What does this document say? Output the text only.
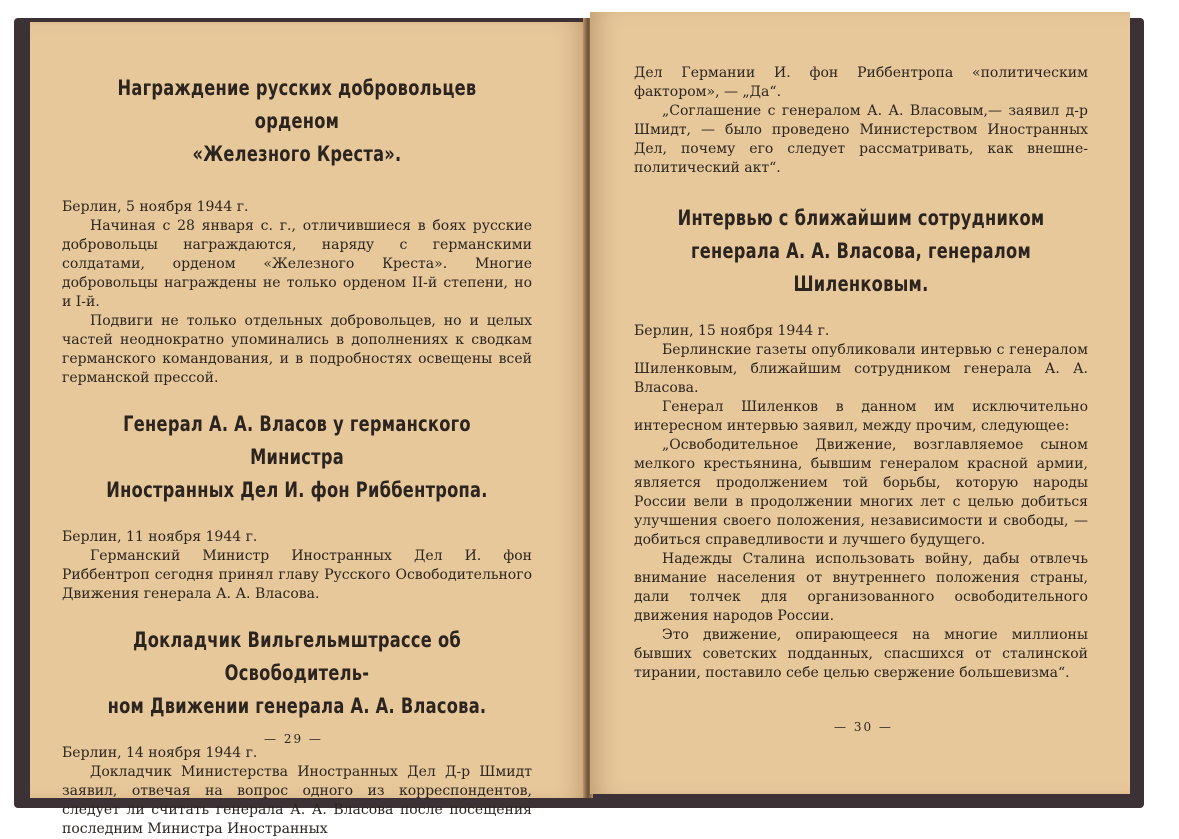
Награждение русских добровольцев орденом
«Железного Креста».

Берлин, 5 ноября 1944 г.

Начиная с 28 января с. г., отличившиеся в боях русские добровольцы награждаются, наряду с германскими солдатами, орденом «Железного Креста». Многие добровольцы награждены не только орденом II-й степени, но и I-й.

Подвиги не только отдельных добровольцев, но и целых частей неоднократно упоминались в дополнениях к сводкам германского командования, и в подробностях освещены всей германской прессой.

Генерал А. А. Власов у германского Министра
Иностранных Дел И. фон Риббентропа.

Берлин, 11 ноября 1944 г.

Германский Министр Иностранных Дел И. фон Риббентроп сегодня принял главу Русского Освободительного Движения генерала А. А. Власова.

Докладчик Вильгельмштрассе об Освободитель-
ном Движении генерала А. А. Власова.

Берлин, 14 ноября 1944 г.

Докладчик Министерства Иностранных Дел Д-р Шмидт заявил, отвечая на вопрос одного из корреспондентов, следует ли считать генерала А. А. Власова после посещения последним Министра Иностранных

— 29 —

Дел Германии И. фон Риббентропа «политическим фактором», — „Да“.

„Соглашение с генералом А. А. Власовым,— заявил д-р Шмидт, — было проведено Министерством Иностранных Дел, почему его следует рассматривать, как внешне-политический акт“.

Интервью с ближайшим сотрудником
генерала А. А. Власова, генералом Шиленковым.

Берлин, 15 ноября 1944 г.

Берлинские газеты опубликовали интервью с генералом Шиленковым, ближайшим сотрудником генерала А. А. Власова.

Генерал Шиленков в данном им исключительно интересном интервью заявил, между прочим, следующее:

„Освободительное Движение, возглавляемое сыном мелкого крестьянина, бывшим генералом красной армии, является продолжением той борьбы, которую народы России вели в продолжении многих лет с целью добиться улучшения своего положения, независимости и свободы, — добиться справедливости и лучшего будущего.

Надежды Сталина использовать войну, дабы отвлечь внимание населения от внутреннего положения страны, дали толчек для организованного освободительного движения народов России.

Это движение, опирающееся на многие миллионы бывших советских подданных, спасшихся от сталинской тирании, поставило себе целью свержение большевизма“.

— 30 —
